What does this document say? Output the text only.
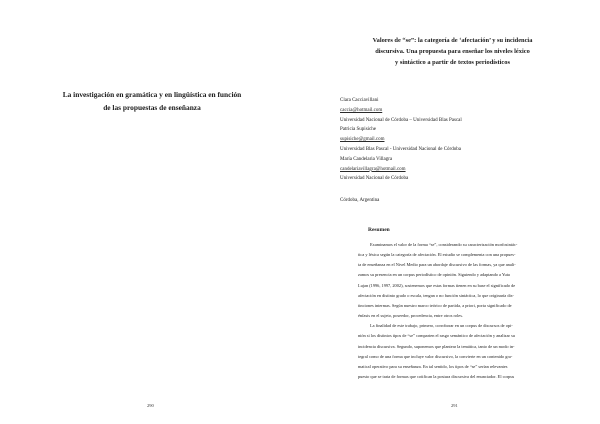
La investigación en gramática y en lingüística en función
de las propuestas de enseñanza
290
Valores de “se”: la categoría de ‘afectación’ y su incidencia
discursiva. Una propuesta para enseñar los niveles léxico
y sintáctico a partir de textos periodísticos
Clara Cacciavillani
caccia@hotmail.com
Universidad Nacional de Córdoba – Universidad Blas Pascal
Patricia Supisiche
supisiche@gmail.com
Universidad Blas Pascal - Universidad Nacional de Córdoba
María Candelaria Villagra
candelariavillagra@hotmail.com
Universidad Nacional de Córdoba
Córdoba, Argentina
Resumen
Examinamos el valor de la forma “se”, considerando su caracterización morfosintác-
tica y léxica según la categoría de afectación. El estudio se complementa con una propues-
ta de enseñanza en el Nivel Medio para un abordaje discursivo de las formas, ya que anali-
zamos su presencia en un corpus periodístico de opinión. Siguiendo y adaptando a Yuta
Lujan (1996, 1997, 2002), sostenemos que estas formas tienen en su base el significado de
afectación en distinto grado o escala, tengan o no función sintáctica, lo que originaría dis-
tinciones intermas. Según nuestro marco teórico de partida, a priori, porta significado de
énfasis en el sujeto, poseedor, procedencia, entre otros roles.
La finalidad de este trabajo, primero, corroborar en un corpus de discursos de opi-
nión si los distintos tipos de “se” comparten el rasgo semántico de afectación y analizar su
incidencia discursiva. Segundo, suponemos que plantear la temática, tanto de un modo in-
tegral como de una forma que incluye valor discursivo, la convierte en un contenido gra-
matical operativo para su enseñanza. En tal sentido, los tipos de “se” serían relevantes
puesto que se trata de formas que cotifican la postura discursiva del enunciador. El corpus
291
